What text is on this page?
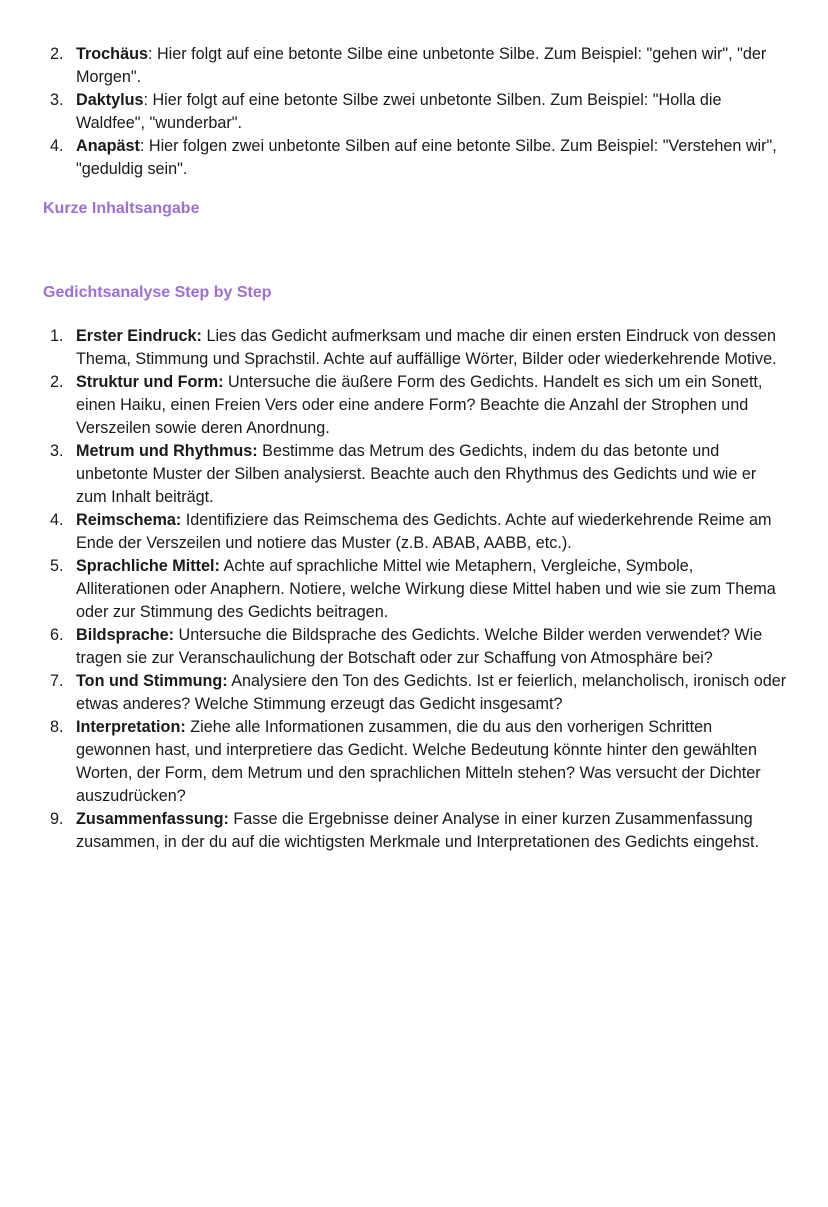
2. Trochäus: Hier folgt auf eine betonte Silbe eine unbetonte Silbe. Zum Beispiel: "gehen wir", "der Morgen".
3. Daktylus: Hier folgt auf eine betonte Silbe zwei unbetonte Silben. Zum Beispiel: "Holla die Waldfee", "wunderbar".
4. Anapäst: Hier folgen zwei unbetonte Silben auf eine betonte Silbe. Zum Beispiel: "Verstehen wir", "geduldig sein".
Kurze Inhaltsangabe
Gedichtsanalyse Step by Step
1. Erster Eindruck: Lies das Gedicht aufmerksam und mache dir einen ersten Eindruck von dessen Thema, Stimmung und Sprachstil. Achte auf auffällige Wörter, Bilder oder wiederkehrende Motive.
2. Struktur und Form: Untersuche die äußere Form des Gedichts. Handelt es sich um ein Sonett, einen Haiku, einen Freien Vers oder eine andere Form? Beachte die Anzahl der Strophen und Verszeilen sowie deren Anordnung.
3. Metrum und Rhythmus: Bestimme das Metrum des Gedichts, indem du das betonte und unbetonte Muster der Silben analysierst. Beachte auch den Rhythmus des Gedichts und wie er zum Inhalt beiträgt.
4. Reimschema: Identifiziere das Reimschema des Gedichts. Achte auf wiederkehrende Reime am Ende der Verszeilen und notiere das Muster (z.B. ABAB, AABB, etc.).
5. Sprachliche Mittel: Achte auf sprachliche Mittel wie Metaphern, Vergleiche, Symbole, Alliterationen oder Anaphern. Notiere, welche Wirkung diese Mittel haben und wie sie zum Thema oder zur Stimmung des Gedichts beitragen.
6. Bildsprache: Untersuche die Bildsprache des Gedichts. Welche Bilder werden verwendet? Wie tragen sie zur Veranschaulichung der Botschaft oder zur Schaffung von Atmosphäre bei?
7. Ton und Stimmung: Analysiere den Ton des Gedichts. Ist er feierlich, melancholisch, ironisch oder etwas anderes? Welche Stimmung erzeugt das Gedicht insgesamt?
8. Interpretation: Ziehe alle Informationen zusammen, die du aus den vorherigen Schritten gewonnen hast, und interpretiere das Gedicht. Welche Bedeutung könnte hinter den gewählten Worten, der Form, dem Metrum und den sprachlichen Mitteln stehen? Was versucht der Dichter auszudrücken?
9. Zusammenfassung: Fasse die Ergebnisse deiner Analyse in einer kurzen Zusammenfassung zusammen, in der du auf die wichtigsten Merkmale und Interpretationen des Gedichts eingehst.
